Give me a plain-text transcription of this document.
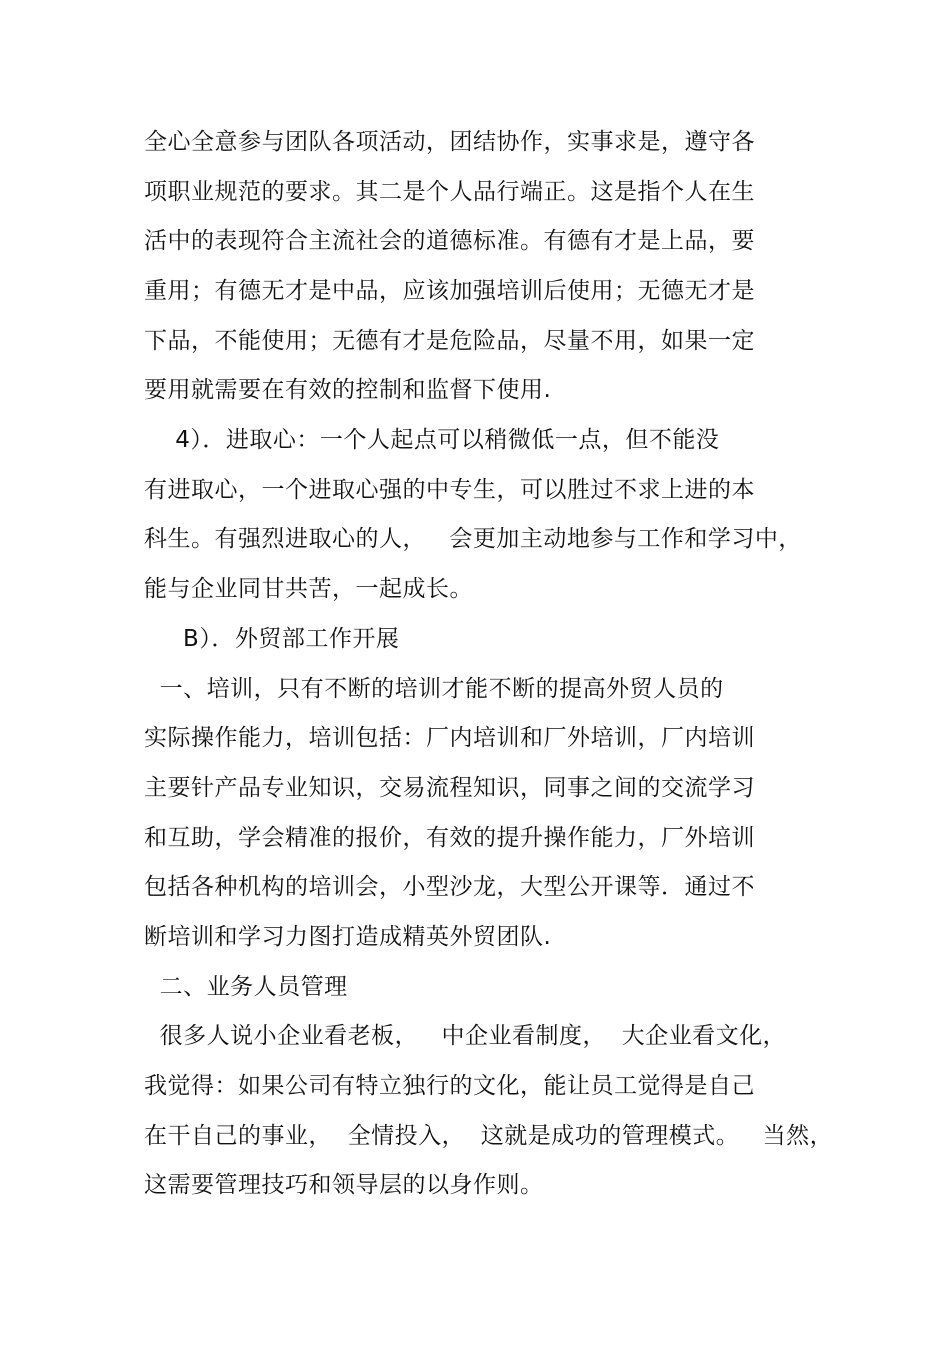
全心全意参与团队各项活动，团结协作，实事求是，遵守各
项职业规范的要求。其二是个人品行端正。这是指个人在生
活中的表现符合主流社会的道德标准。有德有才是上品，要
重用；有德无才是中品，应该加强培训后使用；无德无才是
下品，不能使用；无德有才是危险品，尽量不用，如果一定
要用就需要在有效的控制和监督下使用.
4）．进取心：一个人起点可以稍微低一点，但不能没
有进取心，一个进取心强的中专生，可以胜过不求上进的本
科生。有强烈进取心的人，   会更加主动地参与工作和学习中，
能与企业同甘共苦，一起成长。
B）．外贸部工作开展
一、培训，只有不断的培训才能不断的提高外贸人员的
实际操作能力，培训包括：厂内培训和厂外培训，厂内培训
主要针产品专业知识，交易流程知识，同事之间的交流学习
和互助，学会精准的报价，有效的提升操作能力，厂外培训
包括各种机构的培训会，小型沙龙，大型公开课等．通过不
断培训和学习力图打造成精英外贸团队.
二、业务人员管理
很多人说小企业看老板，   中企业看制度，  大企业看文化，
我觉得：如果公司有特立独行的文化，能让员工觉得是自己
在干自己的事业，  全情投入，  这就是成功的管理模式。   当然，
这需要管理技巧和领导层的以身作则。
